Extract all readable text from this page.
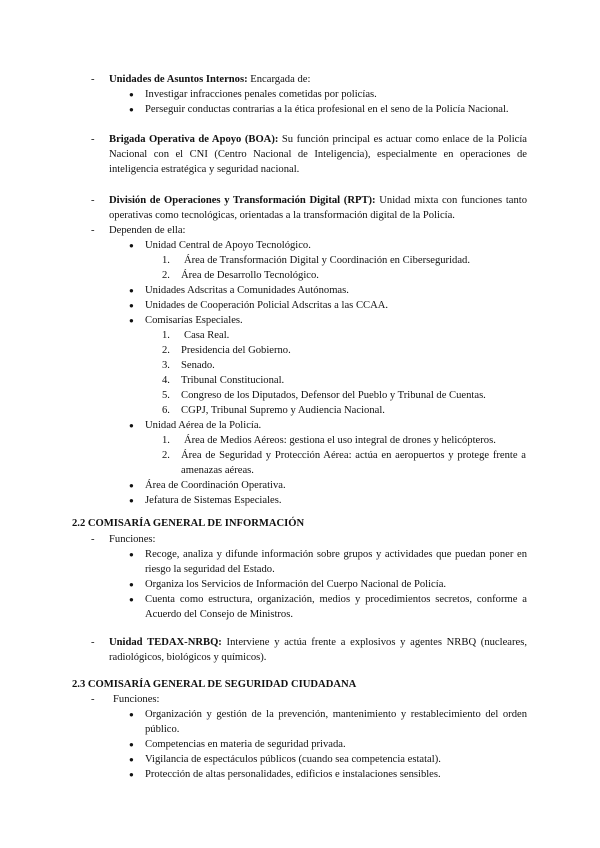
- Unidades de Asuntos Internos: Encargada de:
● Investigar infracciones penales cometidas por policías.
● Perseguir conductas contrarias a la ética profesional en el seno de la Policía Nacional.
- Brigada Operativa de Apoyo (BOA): Su función principal es actuar como enlace de la Policía Nacional con el CNI (Centro Nacional de Inteligencia), especialmente en operaciones de inteligencia estratégica y seguridad nacional.
- División de Operaciones y Transformación Digital (RPT): Unidad mixta con funciones tanto operativas como tecnológicas, orientadas a la transformación digital de la Policía.
- Dependen de ella:
● Unidad Central de Apoyo Tecnológico.
1. Área de Transformación Digital y Coordinación en Ciberseguridad.
2. Área de Desarrollo Tecnológico.
● Unidades Adscritas a Comunidades Autónomas.
● Unidades de Cooperación Policial Adscritas a las CCAA.
● Comisarías Especiales.
1. Casa Real.
2. Presidencia del Gobierno.
3. Senado.
4. Tribunal Constitucional.
5. Congreso de los Diputados, Defensor del Pueblo y Tribunal de Cuentas.
6. CGPJ, Tribunal Supremo y Audiencia Nacional.
● Unidad Aérea de la Policía.
1. Área de Medios Aéreos: gestiona el uso integral de drones y helicópteros.
2. Área de Seguridad y Protección Aérea: actúa en aeropuertos y protege frente a amenazas aéreas.
● Área de Coordinación Operativa.
● Jefatura de Sistemas Especiales.
2.2 COMISARÍA GENERAL DE INFORMACIÓN
- Funciones:
● Recoge, analiza y difunde información sobre grupos y actividades que puedan poner en riesgo la seguridad del Estado.
● Organiza los Servicios de Información del Cuerpo Nacional de Policía.
● Cuenta como estructura, organización, medios y procedimientos secretos, conforme a Acuerdo del Consejo de Ministros.
- Unidad TEDAX-NRBQ: Interviene y actúa frente a explosivos y agentes NRBQ (nucleares, radiológicos, biológicos y químicos).
2.3 COMISARÍA GENERAL DE SEGURIDAD CIUDADANA
- Funciones:
● Organización y gestión de la prevención, mantenimiento y restablecimiento del orden público.
● Competencias en materia de seguridad privada.
● Vigilancia de espectáculos públicos (cuando sea competencia estatal).
● Protección de altas personalidades, edificios e instalaciones sensibles.
